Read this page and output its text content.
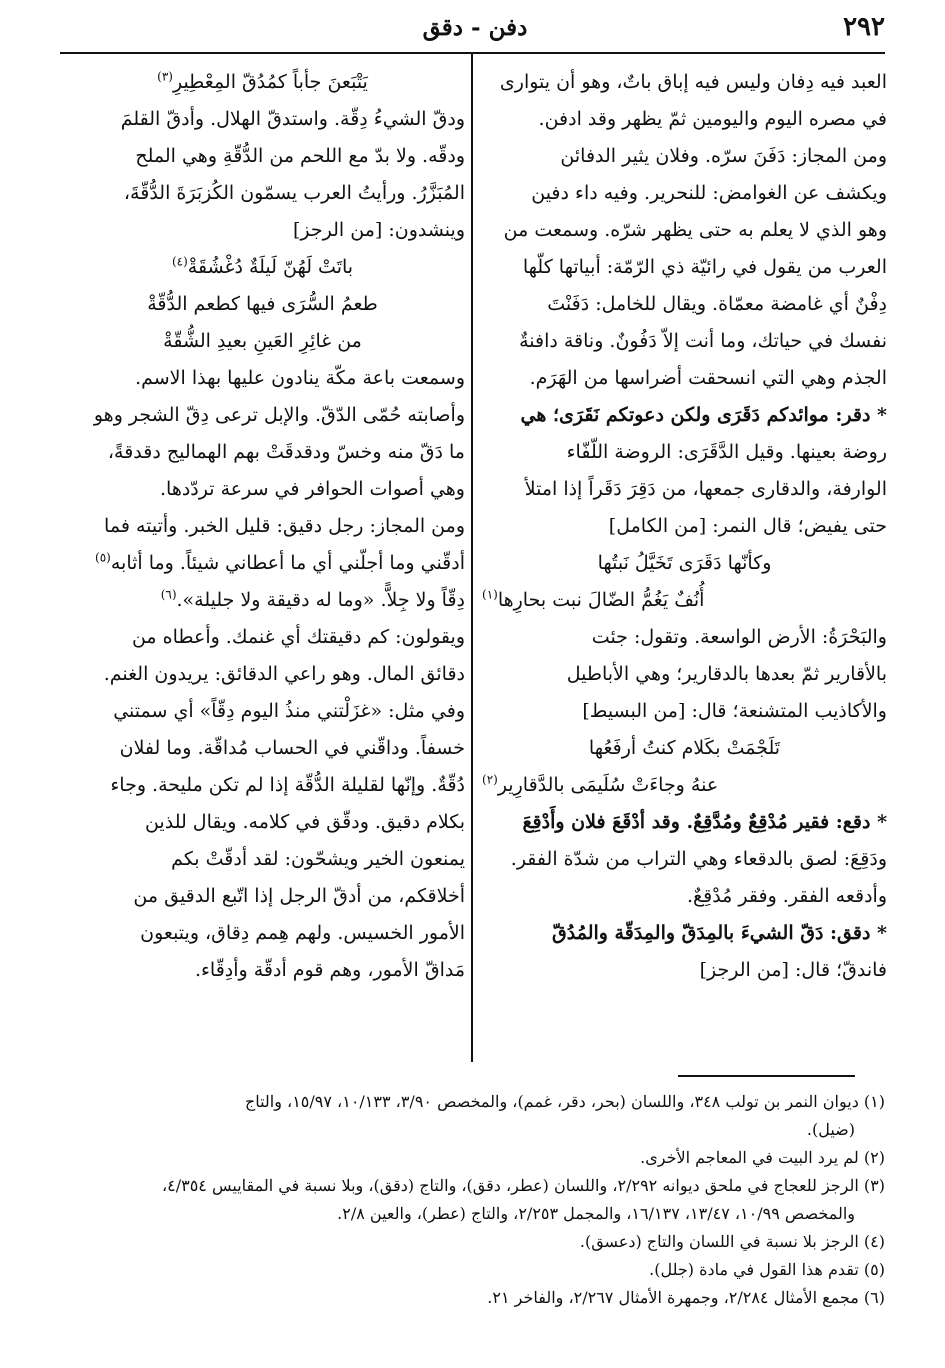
٢٩٢
دفن - دقق

العبد فيه دِفان وليس فيه إباق باتٌ، وهو أن يتوارى

في مصره اليوم واليومين ثمّ يظهر وقد ادفن.

ومن المجاز: دَفَنَ سرّه. وفلان يثير الدفائن

ويكشف عن الغوامض: للنحرير. وفيه داء دفين

وهو الذي لا يعلم به حتى يظهر شرّه. وسمعت من

العرب من يقول في رائيّة ذي الرّمّة: أبياتها كلّها

دِفْنٌ أي غامضة معمّاة. ويقال للخامل: دَفَنْتَ

نفسك في حياتك، وما أنت إلاّ دَفُونٌ. وناقة دافنةٌ

الجذم وهي التي انسحقت أضراسها من الهَرَم.

* دقر: موائدكم دَقَرَى ولكن دعوتكم نَقَرَى؛ هي

روضة بعينها. وقيل الدَّقَرَى: الروضة اللّفّاء

الوارفة، والدقارى جمعها، من دَقِرَ دَقَراً إذا امتلأ

حتى يفيض؛ قال النمر: [من الكامل]

وكأنّها دَقَرَى تَخَيَّلُ نَبتُها

أُنُفٌ يَغُمُّ الضّالَ نبت بحارِها$^{(١)}$

والبَحْرَةُ: الأرض الواسعة. وتقول: جئت

بالأقارير ثمّ بعدها بالدقارير؛ وهي الأباطيل

والأكاذيب المتشنعة؛ قال: [من البسيط]

تَلَجْمَتْ بكَلام كنتُ أرفَعُها

عنهُ وجاءَتْ سُلَيمَى بالدَّقارِير$^{(٢)}$

* دقع: فقير مُدْقِعٌ ومُدَّقِعٌ. وقد أدْقَعَ فلان وأَدْقِعَ

ودَقِعَ: لصق بالدقعاء وهي التراب من شدّة الفقر.

وأدقعه الفقر. وفقر مُدْقِعٌ.

* دقق: دَقّ الشيءَ بالمِدَقّ والمِدَقّة والمُدُقّ

فاندقّ؛ قال: [من الرجز]

يَتْبَعنَ جأباً كمُدُقّ المِعْطِيرِ$^{(٣)}$

ودقّ الشيءُ دِقّة. واستدقّ الهلال. وأدقّ القلمَ

ودقّه. ولا بدّ مع اللحم من الدُّقّةِ وهي الملح

المُبَزَّرُ. ورأيتُ العرب يسمّون الكُزبَرَةَ الدُّقّةَ،

وينشدون: [من الرجز]

باتَتْ لَهُنّ لَيلَةٌ دُغْشُقَةْ$^{(٤)}$

طعمُ السُّرَى فيها كطعم الدُّقّةْ

من غائِرِ العَينِ بعيدِ الشُّقّةْ

وسمعت باعة مكّة ينادون عليها بهذا الاسم.

وأصابته حُمّى الدّقّ. والإبل ترعى دِقّ الشجر وهو

ما دَقّ منه وخسّ ودقدقَتْ بهم الهماليج دقدقةً،

وهي أصوات الحوافر في سرعة تردّدها.

ومن المجاز: رجل دقيق: قليل الخبر. وأتيته فما

أدقّني وما أجلّني أي ما أعطاني شيئاً. وما أثابه$^{(٥)}$

دِقّاً ولا جِلاًّ. «وما له دقيقة ولا جليلة».$^{(٦)}$

ويقولون: كم دقيقتك أي غنمك. وأعطاه من

دقائق المال. وهو راعي الدقائق: يريدون الغنم.

وفي مثل: «غزَلْتني منذُ اليوم دِقّاً» أي سمتني

خسفاً. وداقّني في الحساب مُداقّة. وما لفلان

دُقّةٌ. وإنّها لقليلة الدُّقّة إذا لم تكن مليحة. وجاء

بكلام دقيق. ودقّق في كلامه. ويقال للذين

يمنعون الخير ويشحّون: لقد أدقّتْ بكم

أخلاقكم، من أدقّ الرجل إذا اتّبع الدقيق من

الأمور الخسيس. ولهم هِمم دِقاق، ويتبعون

مَداقّ الأمور، وهم قوم أدقّة وأدِقّاء.

(١) ديوان النمر بن تولب ٣٤٨، واللسان (بحر، دقر، غمم)، والمخصص ٣/٩٠، ١٠/١٣٣، ١٥/٩٧، والتاج

(ضيل).

(٢) لم يرد البيت في المعاجم الأخرى.

(٣) الرجز للعجاج في ملحق ديوانه ٢/٢٩٢، واللسان (عطر، دقق)، والتاج (دقق)، وبلا نسبة في المقاييس ٤/٣٥٤،

والمخصص ١٠/٩٩، ١٣/٤٧، ١٦/١٣٧، والمجمل ٢/٢٥٣، والتاج (عطر)، والعين ٢/٨.

(٤) الرجز بلا نسبة في اللسان والتاج (دعسق).

(٥) تقدم هذا القول في مادة (جلل).

(٦) مجمع الأمثال ٢/٢٨٤، وجمهرة الأمثال ٢/٢٦٧، والفاخر ٢١.
